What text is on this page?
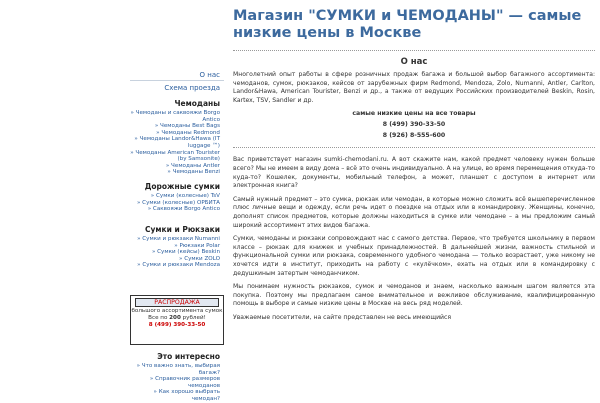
О нас
Схема проезда
Чемоданы
» Чемоданы и саквояжи Borgo Antico
» Чемоданы Best Bags
» Чемоданы Redmond
» Чемоданы Landor&Hawa (IT luggage ™)
» Чемоданы American Tourister (by Samsonite)
» Чемоданы Antler
» Чемоданы Benzi
Дорожные сумки
» Сумки (колесные) TsV
» Сумки (колесные) ОРБИТА
» Саквояжи Borgo Antico
Сумки и Рюкзаки
» Сумки и рюкзаки Numanni
» Рюкзаки Polar
» Сумки (кейсы) Beskin
» Сумки ZOLO
» Сумки и рюкзаки Mendoza
РАСПРОДАЖА
большого ассортимента сумок
Все по 200 рублей!
8 (499) 390-33-50
Это интересно
» Что важно знать, выбирая багаж?
» Справочник размеров чемоданов
» Как хорошо выбрать чемодан?
Магазин "СУМКИ и ЧЕМОДАНЫ" — самые низкие цены в Москве
О нас
Многолетний опыт работы в сфере розничных продаж багажа и большой выбор багажного ассортимента: чемоданов, сумок, рюкзаков, кейсов от зарубежных фирм Redmond, Mendoza, Zolo, Numanni, Antler, Carlton, Landor&Hawa, American Tourister, Benzi и др., а также от ведущих Российских производителей Beskin, Rosin, Kartex, TSV, Sandler и др.
самые низкие цены на все товары
8 (499) 390-33-50
8 (926) 8-555-600
Вас приветствует магазин sumki-chemodani.ru. А вот скажите нам, какой предмет человеку нужен больше всего? Мы не имеем в виду дома – всё это очень индивидуально. А на улице, во время перемещения откуда-то куда-то? Кошелек, документы, мобильный телефон, а может, планшет с доступом в интернет или электронная книга?
Самый нужный предмет – это сумка, рюкзак или чемодан, в которые можно сложить всё вышеперечисленное плюс личные вещи и одежду, если речь идет о поездке на отдых или в командировку. Женщины, конечно, дополнят список предметов, которые должны находиться в сумке или чемодане – а мы предложим самый широкий ассортимент этих видов багажа.
Сумки, чемоданы и рюкзаки сопровождают нас с самого детства. Первое, что требуется школьнику в первом классе – рюкзак для книжек и учебных принадлежностей. В дальнейшей жизни, важность стильной и функциональной сумки или рюкзака, современного удобного чемодана — только возрастает, уже никому не хочется идти в институт, приходить на работу с «кулёчком», ехать на отдых или в командировку с дедушкиным затертым чемоданчиком.
Мы понимаем нужность рюкзаков, сумок и чемоданов и знаем, насколько важным шагом является эта покупка. Поэтому мы предлагаем самое внимательное и вежливое обслуживание, квалифицированную помощь в выборе и самые низкие цены в Москве на весь ряд моделей.
Уважаемые посетители, на сайте представлен не весь имеющийся
